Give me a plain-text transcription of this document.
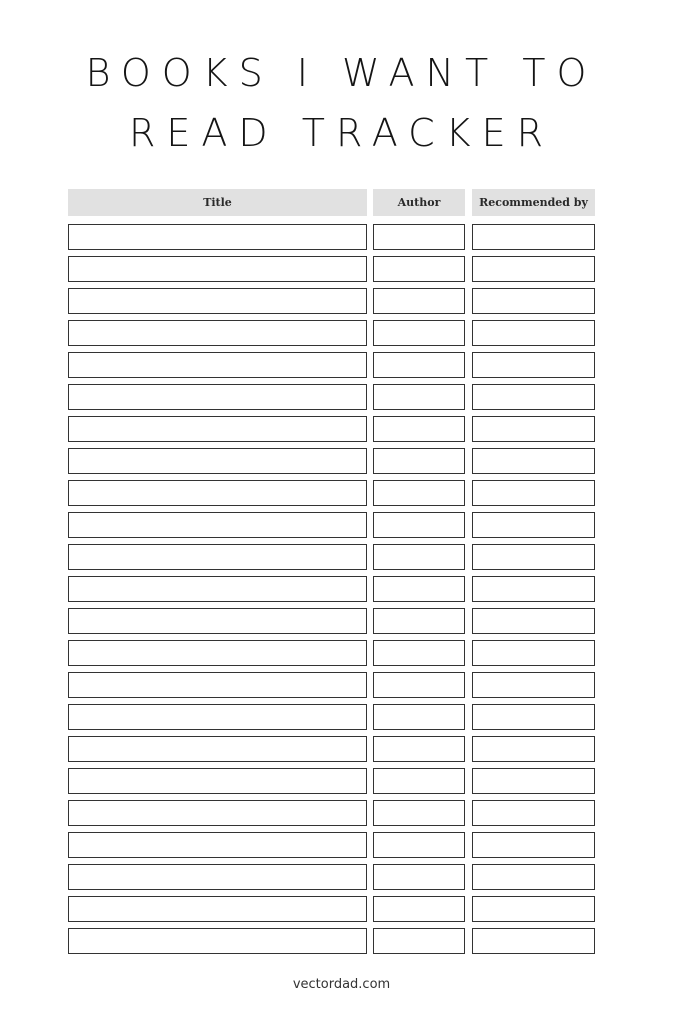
BOOKS I WANT TO
READ TRACKER
Title	Author	Recommended by
vectordad.com
